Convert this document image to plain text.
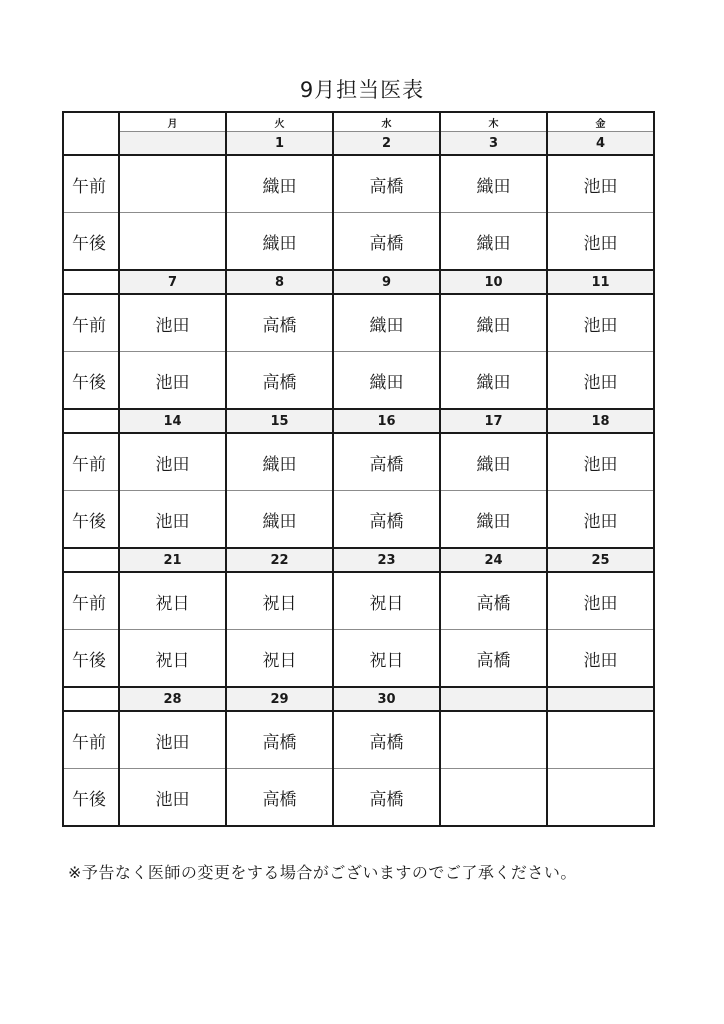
9月担当医表
	月	火	水	木	金
		1	2	3	4
午前		織田	高橋	織田	池田
午後		織田	高橋	織田	池田
	7	8	9	10	11
午前	池田	高橋	織田	織田	池田
午後	池田	高橋	織田	織田	池田
	14	15	16	17	18
午前	池田	織田	高橋	織田	池田
午後	池田	織田	高橋	織田	池田
	21	22	23	24	25
午前	祝日	祝日	祝日	高橋	池田
午後	祝日	祝日	祝日	高橋	池田
	28	29	30		
午前	池田	高橋	高橋		
午後	池田	高橋	高橋		
※予告なく医師の変更をする場合がございますのでご了承ください。
